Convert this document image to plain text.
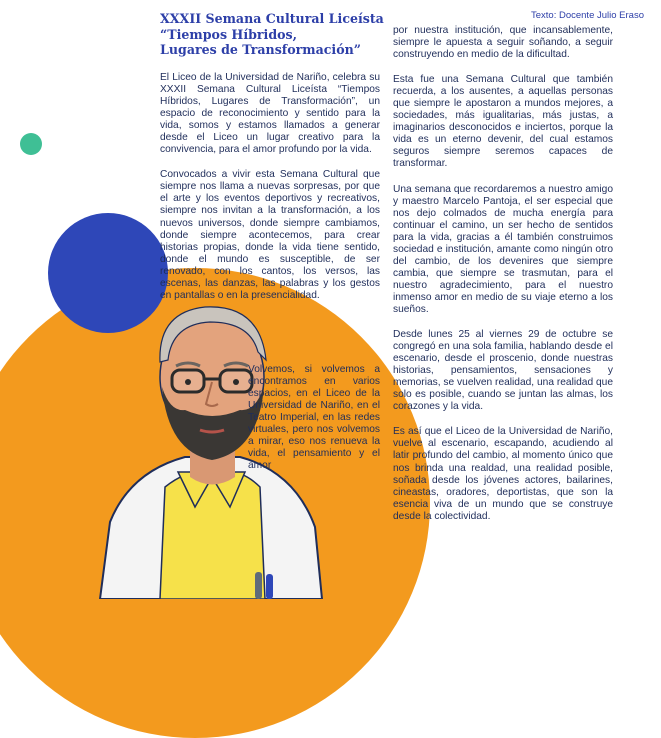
XXXII Semana Cultural Liceísta
“Tiempos Híbridos,
Lugares de Transformación”
Texto: Docente Julio Eraso

El Liceo de la Universidad de Nariño, celebra su XXXII Semana Cultural Liceísta “Tiempos Híbridos, Lugares de Transformación”, un espacio de reconocimiento y sentido para la vida, somos y estamos llamados a generar desde el Liceo un lugar creativo para la convivencia, para el amor profundo por la vida.

Convocados a vivir esta Semana Cultural que siempre nos llama a nuevas sorpresas, por que el arte y los eventos deportivos y recreativos, siempre nos invitan a la transformación, a los nuevos universos, donde siempre cambiamos, donde siempre acontecemos, para crear historias propias, donde la vida tiene sentido, donde el mundo es susceptible, de ser renovado, con los cantos, los versos, las escenas, las danzas, las palabras y los gestos en pantallas o en la presencialidad.

Volvemos, si volvemos a encontramos en varios espacios, en el Liceo de la Universidad de Nariño, en el Teatro Imperial, en las redes virtuales, pero nos volvemos a mirar, eso nos renueva la vida, el pensamiento y el amor

por nuestra institución, que incansablemente, siempre le apuesta a seguir soñando, a seguir construyendo en medio de la dificultad.

Esta fue una Semana Cultural que también recuerda, a los ausentes, a aquellas personas que siempre le apostaron a mundos mejores, a sociedades, más igualitarias, más justas, a imaginarios desconocidos e inciertos, porque la vida es un eterno devenir, del cual estamos seguros siempre seremos capaces de transformar.

Una semana que recordaremos a nuestro amigo y maestro Marcelo Pantoja, el ser especial que nos dejo colmados de mucha energía para continuar el camino, un ser hecho de sentidos para la vida, gracias a él también construimos sociedad e institución, amante como ningún otro del cambio, de los devenires que siempre cambia, que siempre se trasmutan, para el nuestro agradecimiento, para el nuestro inmenso amor en medio de su viaje eterno a los sueños.

Desde lunes 25 al viernes 29 de octubre se congregó en una sola familia, hablando desde el escenario, desde el proscenio, donde nuestras historias, pensamientos, sensaciones y memorias, se vuelven realidad, una realidad que solo es posible, cuando se juntan las almas, los corazones y la vida.

Es así que el Liceo de la Universidad de Nariño, vuelve al escenario, escapando, acudiendo al latir profundo del cambio, al momento único que nos brinda una realdad, una realidad posible, soñada desde los jóvenes actores, bailarines, cineastas, oradores, deportistas, que son la esencia viva de un mundo que se construye desde la colectividad.
